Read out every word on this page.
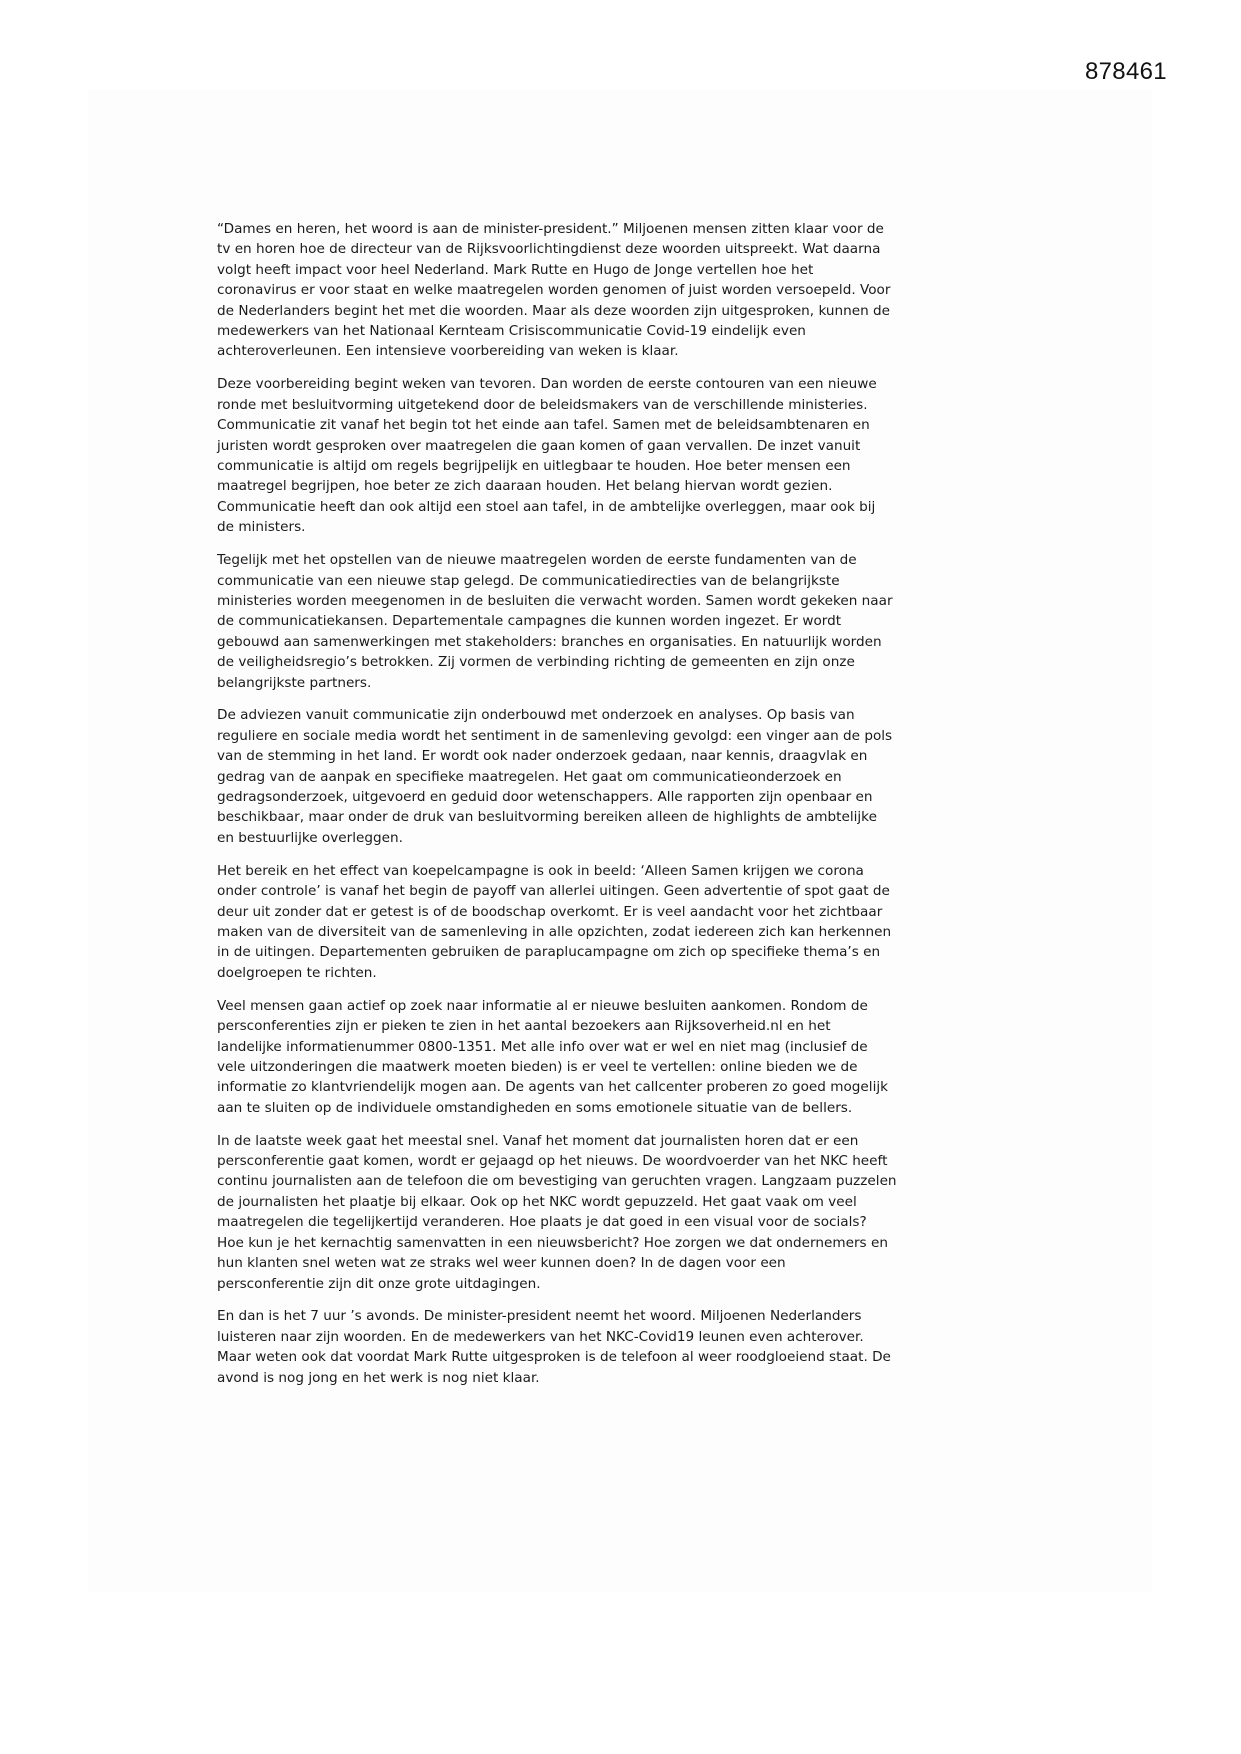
878461

“Dames en heren, het woord is aan de minister-president.” Miljoenen mensen zitten klaar voor de
tv en horen hoe de directeur van de Rijksvoorlichtingdienst deze woorden uitspreekt. Wat daarna
volgt heeft impact voor heel Nederland. Mark Rutte en Hugo de Jonge vertellen hoe het
coronavirus er voor staat en welke maatregelen worden genomen of juist worden versoepeld. Voor
de Nederlanders begint het met die woorden. Maar als deze woorden zijn uitgesproken, kunnen de
medewerkers van het Nationaal Kernteam Crisiscommunicatie Covid-19 eindelijk even
achteroverleunen. Een intensieve voorbereiding van weken is klaar.

Deze voorbereiding begint weken van tevoren. Dan worden de eerste contouren van een nieuwe
ronde met besluitvorming uitgetekend door de beleidsmakers van de verschillende ministeries.
Communicatie zit vanaf het begin tot het einde aan tafel. Samen met de beleidsambtenaren en
juristen wordt gesproken over maatregelen die gaan komen of gaan vervallen. De inzet vanuit
communicatie is altijd om regels begrijpelijk en uitlegbaar te houden. Hoe beter mensen een
maatregel begrijpen, hoe beter ze zich daaraan houden. Het belang hiervan wordt gezien.
Communicatie heeft dan ook altijd een stoel aan tafel, in de ambtelijke overleggen, maar ook bij
de ministers.

Tegelijk met het opstellen van de nieuwe maatregelen worden de eerste fundamenten van de
communicatie van een nieuwe stap gelegd. De communicatiedirecties van de belangrijkste
ministeries worden meegenomen in de besluiten die verwacht worden. Samen wordt gekeken naar
de communicatiekansen. Departementale campagnes die kunnen worden ingezet. Er wordt
gebouwd aan samenwerkingen met stakeholders: branches en organisaties. En natuurlijk worden
de veiligheidsregio’s betrokken. Zij vormen de verbinding richting de gemeenten en zijn onze
belangrijkste partners.

De adviezen vanuit communicatie zijn onderbouwd met onderzoek en analyses. Op basis van
reguliere en sociale media wordt het sentiment in de samenleving gevolgd: een vinger aan de pols
van de stemming in het land. Er wordt ook nader onderzoek gedaan, naar kennis, draagvlak en
gedrag van de aanpak en specifieke maatregelen. Het gaat om communicatieonderzoek en
gedragsonderzoek, uitgevoerd en geduid door wetenschappers. Alle rapporten zijn openbaar en
beschikbaar, maar onder de druk van besluitvorming bereiken alleen de highlights de ambtelijke
en bestuurlijke overleggen.

Het bereik en het effect van koepelcampagne is ook in beeld: ‘Alleen Samen krijgen we corona
onder controle’ is vanaf het begin de payoff van allerlei uitingen. Geen advertentie of spot gaat de
deur uit zonder dat er getest is of de boodschap overkomt. Er is veel aandacht voor het zichtbaar
maken van de diversiteit van de samenleving in alle opzichten, zodat iedereen zich kan herkennen
in de uitingen. Departementen gebruiken de paraplucampagne om zich op specifieke thema’s en
doelgroepen te richten.

Veel mensen gaan actief op zoek naar informatie al er nieuwe besluiten aankomen. Rondom de
persconferenties zijn er pieken te zien in het aantal bezoekers aan Rijksoverheid.nl en het
landelijke informatienummer 0800-1351. Met alle info over wat er wel en niet mag (inclusief de
vele uitzonderingen die maatwerk moeten bieden) is er veel te vertellen: online bieden we de
informatie zo klantvriendelijk mogen aan. De agents van het callcenter proberen zo goed mogelijk
aan te sluiten op de individuele omstandigheden en soms emotionele situatie van de bellers.

In de laatste week gaat het meestal snel. Vanaf het moment dat journalisten horen dat er een
persconferentie gaat komen, wordt er gejaagd op het nieuws. De woordvoerder van het NKC heeft
continu journalisten aan de telefoon die om bevestiging van geruchten vragen. Langzaam puzzelen
de journalisten het plaatje bij elkaar. Ook op het NKC wordt gepuzzeld. Het gaat vaak om veel
maatregelen die tegelijkertijd veranderen. Hoe plaats je dat goed in een visual voor de socials?
Hoe kun je het kernachtig samenvatten in een nieuwsbericht? Hoe zorgen we dat ondernemers en
hun klanten snel weten wat ze straks wel weer kunnen doen? In de dagen voor een
persconferentie zijn dit onze grote uitdagingen.

En dan is het 7 uur ’s avonds. De minister-president neemt het woord. Miljoenen Nederlanders
luisteren naar zijn woorden. En de medewerkers van het NKC-Covid19 leunen even achterover.
Maar weten ook dat voordat Mark Rutte uitgesproken is de telefoon al weer roodgloeiend staat. De
avond is nog jong en het werk is nog niet klaar.
